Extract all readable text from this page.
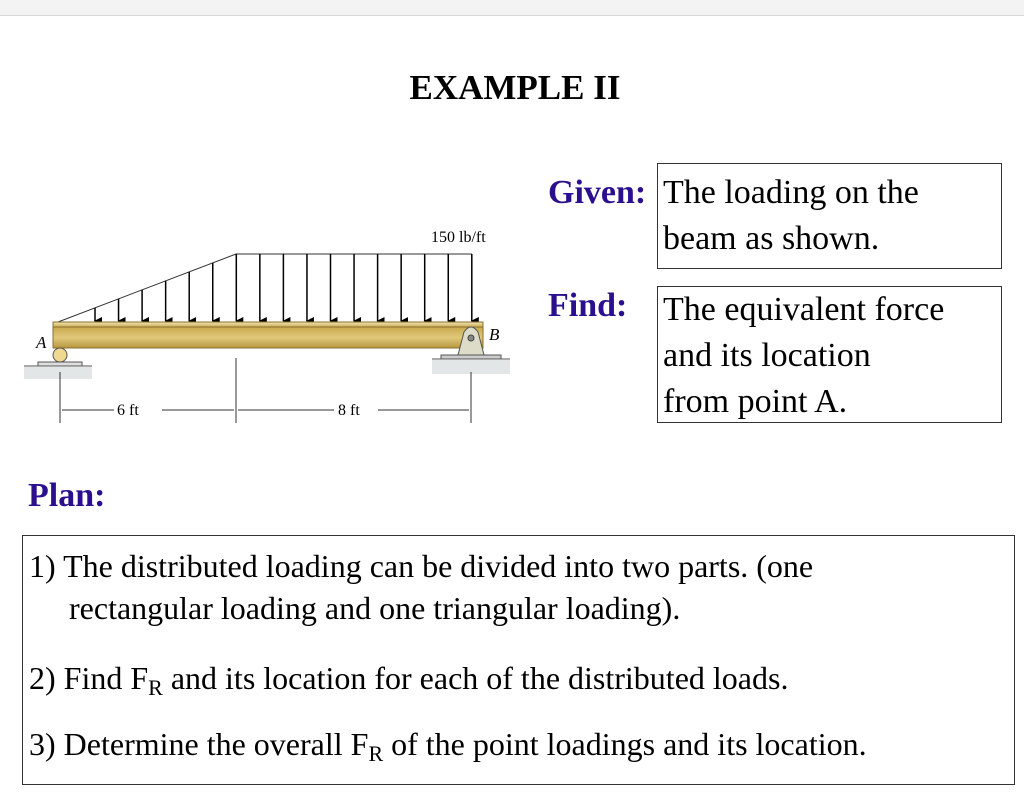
EXAMPLE II
150 lb/ft
A	B
6 ft	8 ft
Given: The loading on the
beam as shown.
Find: The equivalent force
and its location
from point A.
Plan:
1) The distributed loading can be divided into two parts. (one
rectangular loading and one triangular loading).
2) Find $F_R$ and its location for each of the distributed loads.
3) Determine the overall $F_R$ of the point loadings and its location.
